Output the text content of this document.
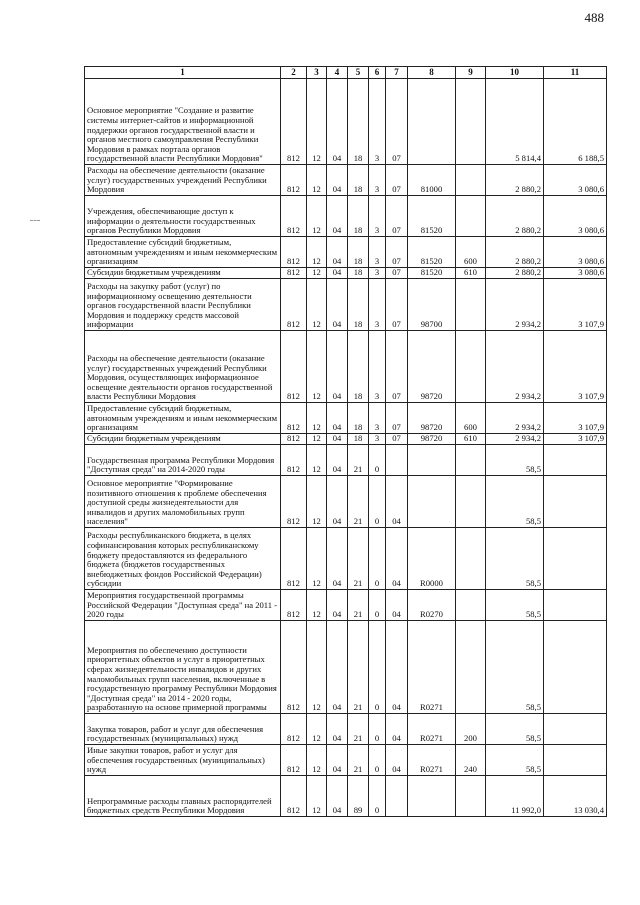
488
1	2	3	4	5	6	7	8	9	10	11
Основное мероприятие "Создание и развитие системы интернет-сайтов и информационной поддержки органов государственной власти и органов местного самоуправления Республики Мордовия в рамках портала органов государственной власти Республики Мордовия"	812	12	04	18	3	07			5 814,4	6 188,5
Расходы на обеспечение деятельности (оказание услуг) государственных учреждений Республики Мордовия	812	12	04	18	3	07	81000		2 880,2	3 080,6
Учреждения, обеспечивающие доступ к информации о деятельности государственных органов Республики Мордовия	812	12	04	18	3	07	81520		2 880,2	3 080,6
Предоставление субсидий бюджетным, автономным учреждениям и иным некоммерческим организациям	812	12	04	18	3	07	81520	600	2 880,2	3 080,6
Субсидии бюджетным учреждениям	812	12	04	18	3	07	81520	610	2 880,2	3 080,6
Расходы на закупку работ (услуг) по информационному освещению деятельности органов государственной власти Республики Мордовия и поддержку средств массовой информации	812	12	04	18	3	07	98700		2 934,2	3 107,9
Расходы на обеспечение деятельности (оказание услуг) государственных учреждений Республики Мордовия, осуществляющих информационное освещение деятельности органов государственной власти Республики Мордовия	812	12	04	18	3	07	98720		2 934,2	3 107,9
Предоставление субсидий бюджетным, автономным учреждениям и иным некоммерческим организациям	812	12	04	18	3	07	98720	600	2 934,2	3 107,9
Субсидии бюджетным учреждениям	812	12	04	18	3	07	98720	610	2 934,2	3 107,9
Государственная программа Республики Мордовия "Доступная среда" на 2014-2020 годы	812	12	04	21	0				58,5	
Основное мероприятие "Формирование позитивного отношения к проблеме обеспечения доступной среды жизнедеятельности для инвалидов и других маломобильных групп населения"	812	12	04	21	0	04			58,5	
Расходы республиканского бюджета, в целях софинансирования которых республиканскому бюджету предоставляются из федерального бюджета (бюджетов государственных внебюджетных фондов Российской Федерации) субсидии	812	12	04	21	0	04	R0000		58,5	
Мероприятия государственной программы Российской Федерации "Доступная среда" на 2011 - 2020 годы	812	12	04	21	0	04	R0270		58,5	
Мероприятия по обеспечению доступности приоритетных объектов и услуг в приоритетных сферах жизнедеятельности инвалидов и других маломобильных групп населения, включенные в государственную программу Республики Мордовия "Доступная среда" на 2014 - 2020 годы, разработанную на основе примерной программы	812	12	04	21	0	04	R0271		58,5	
Закупка товаров, работ и услуг для обеспечения государственных (муниципальных) нужд	812	12	04	21	0	04	R0271	200	58,5	
Иные закупки товаров, работ и услуг для обеспечения государственных (муниципальных) нужд	812	12	04	21	0	04	R0271	240	58,5	
Непрограммные расходы главных распорядителей бюджетных средств Республики Мордовия	812	12	04	89	0				11 992,0	13 030,4
